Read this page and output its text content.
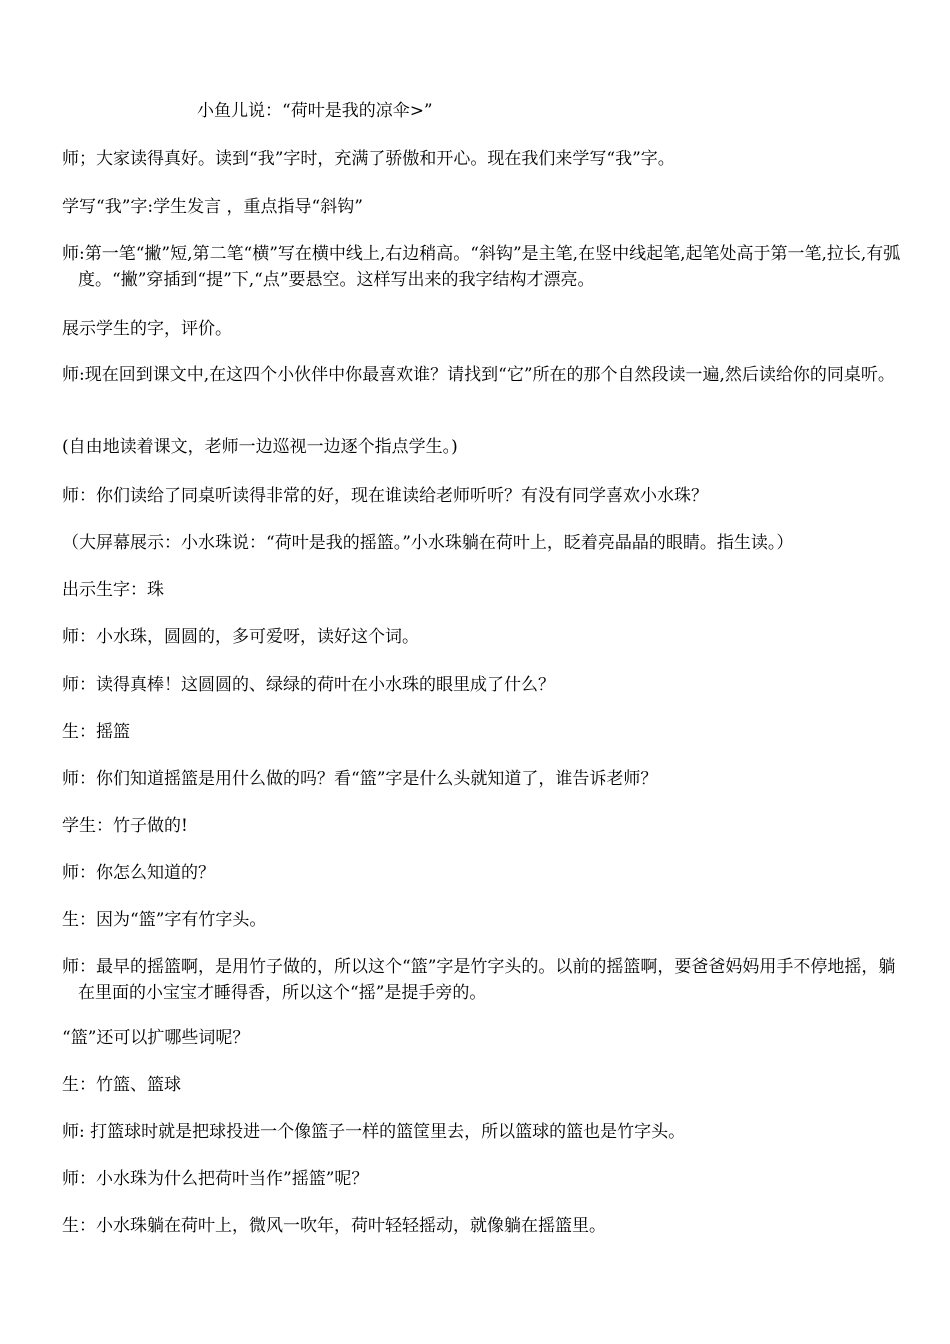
小鱼儿说：“荷叶是我的凉伞>”
师；大家读得真好。读到“我”字时，充满了骄傲和开心。现在我们来学写“我”字。
学写“我”字:学生发言 ，重点指导“斜钩”
师:第一笔“撇”短,第二笔“横”写在横中线上,右边稍高。“斜钩”是主笔,在竖中线起笔,起笔处高于第一笔,拉长,有弧度。“撇”穿插到“提”下,“点”要悬空。这样写出来的我字结构才漂亮。
展示学生的字，评价。
师:现在回到课文中,在这四个小伙伴中你最喜欢谁？请找到“它”所在的那个自然段读一遍,然后读给你的同桌听。
(自由地读着课文，老师一边巡视一边逐个指点学生。)
师：你们读给了同桌听读得非常的好，现在谁读给老师听听？有没有同学喜欢小水珠？
（大屏幕展示：小水珠说：“荷叶是我的摇篮。”小水珠躺在荷叶上，眨着亮晶晶的眼睛。指生读。）
出示生字：珠
师：小水珠，圆圆的，多可爱呀，读好这个词。
师：读得真棒！这圆圆的、绿绿的荷叶在小水珠的眼里成了什么？
生：摇篮
师：你们知道摇篮是用什么做的吗？看“篮”字是什么头就知道了，谁告诉老师？
学生：竹子做的!
师：你怎么知道的？
生：因为“篮”字有竹字头。
师：最早的摇篮啊，是用竹子做的，所以这个“篮”字是竹字头的。以前的摇篮啊，要爸爸妈妈用手不停地摇，躺在里面的小宝宝才睡得香，所以这个“摇”是提手旁的。
“篮”还可以扩哪些词呢？
生：竹篮、篮球
师: 打篮球时就是把球投进一个像篮子一样的篮筐里去，所以篮球的篮也是竹字头。
师：小水珠为什么把荷叶当作”摇篮”呢？
生：小水珠躺在荷叶上，微风一吹年，荷叶轻轻摇动，就像躺在摇篮里。
